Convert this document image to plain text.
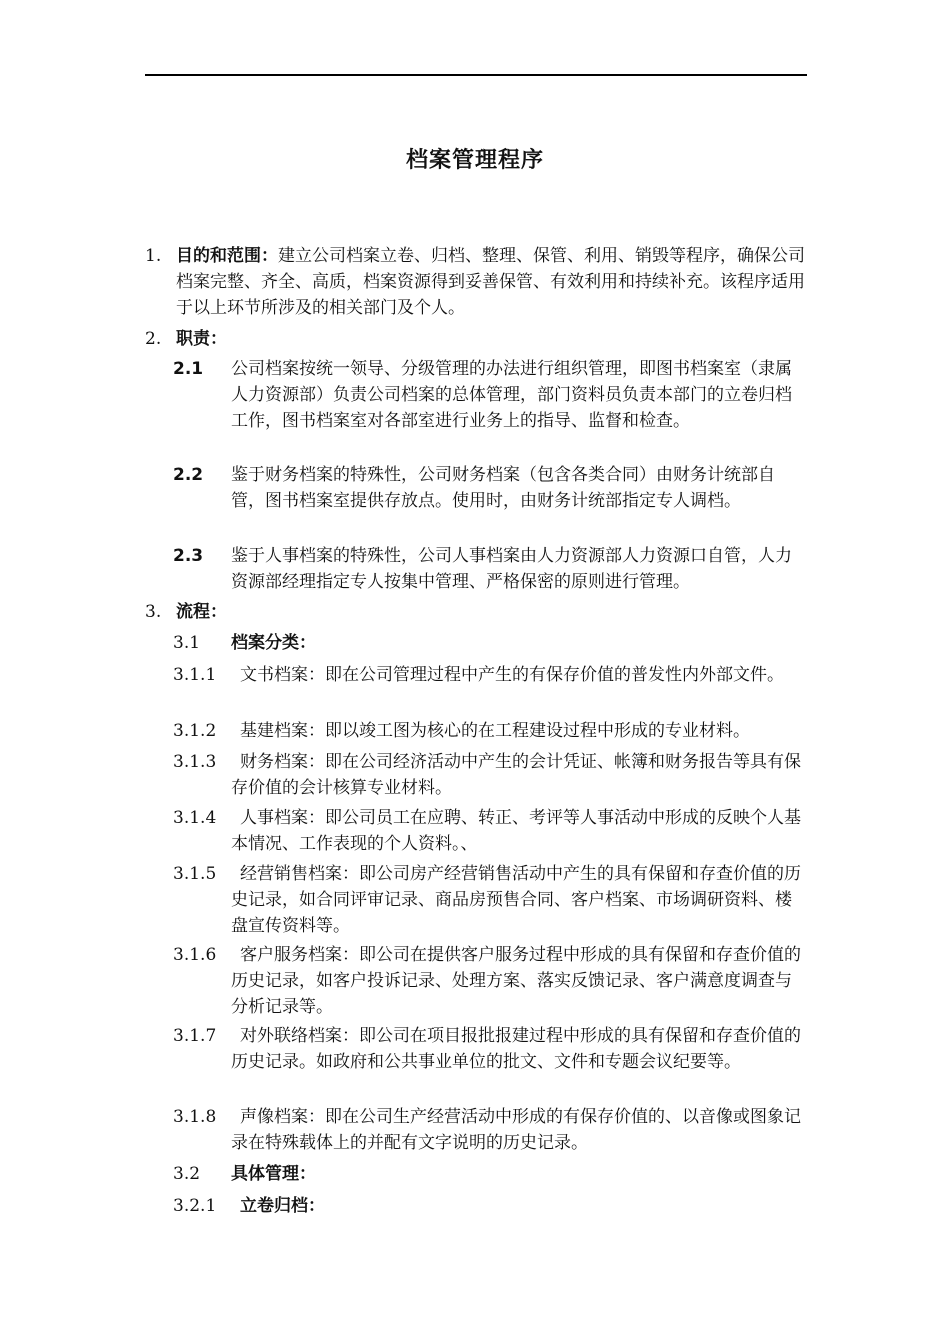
档案管理程序
1. 目的和范围：建立公司档案立卷、归档、整理、保管、利用、销毁等程序，确保公司档案完整、齐全、高质，档案资源得到妥善保管、有效利用和持续补充。该程序适用于以上环节所涉及的相关部门及个人。
2. 职责：
2.1 公司档案按统一领导、分级管理的办法进行组织管理，即图书档案室（隶属人力资源部）负责公司档案的总体管理，部门资料员负责本部门的立卷归档工作，图书档案室对各部室进行业务上的指导、监督和检查。
2.2 鉴于财务档案的特殊性，公司财务档案（包含各类合同）由财务计统部自管，图书档案室提供存放点。使用时，由财务计统部指定专人调档。
2.3 鉴于人事档案的特殊性，公司人事档案由人力资源部人力资源口自管，人力资源部经理指定专人按集中管理、严格保密的原则进行管理。
3. 流程：
3.1 档案分类：
3.1.1	文书档案：即在公司管理过程中产生的有保存价值的普发性内外部文件。
3.1.2	基建档案：即以竣工图为核心的在工程建设过程中形成的专业材料。
3.1.3	财务档案：即在公司经济活动中产生的会计凭证、帐簿和财务报告等具有保存价值的会计核算专业材料。
3.1.4	人事档案：即公司员工在应聘、转正、考评等人事活动中形成的反映个人基本情况、工作表现的个人资料。、
3.1.5	经营销售档案：即公司房产经营销售活动中产生的具有保留和存查价值的历史记录，如合同评审记录、商品房预售合同、客户档案、市场调研资料、楼盘宣传资料等。
3.1.6	客户服务档案：即公司在提供客户服务过程中形成的具有保留和存查价值的历史记录，如客户投诉记录、处理方案、落实反馈记录、客户满意度调查与分析记录等。
3.1.7	对外联络档案：即公司在项目报批报建过程中形成的具有保留和存查价值的历史记录。如政府和公共事业单位的批文、文件和专题会议纪要等。
3.1.8	声像档案：即在公司生产经营活动中形成的有保存价值的、以音像或图象记录在特殊载体上的并配有文字说明的历史记录。
3.2 具体管理：
3.2.1 立卷归档：
